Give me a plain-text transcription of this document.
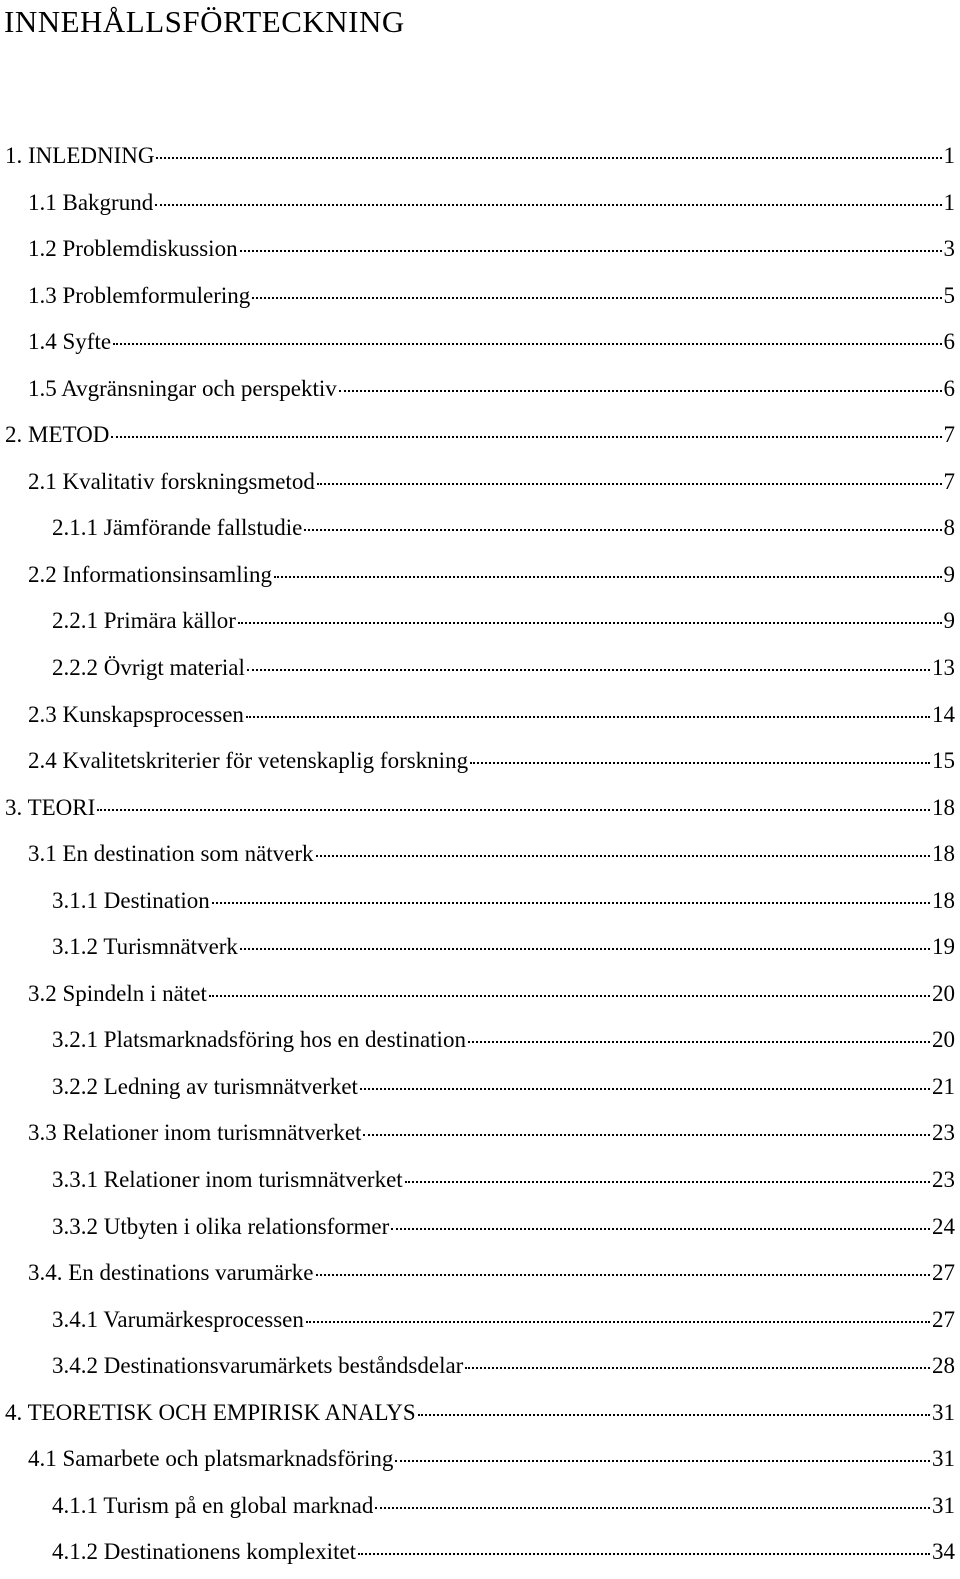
INNEHÅLLSFÖRTECKNING
1. INLEDNING	1
1.1 Bakgrund	1
1.2 Problemdiskussion	3
1.3 Problemformulering	5
1.4 Syfte	6
1.5 Avgränsningar och perspektiv	6
2. METOD	7
2.1 Kvalitativ forskningsmetod	7
2.1.1 Jämförande fallstudie	8
2.2 Informationsinsamling	9
2.2.1 Primära källor	9
2.2.2 Övrigt material	13
2.3 Kunskapsprocessen	14
2.4 Kvalitetskriterier för vetenskaplig forskning	15
3. TEORI	18
3.1 En destination som nätverk	18
3.1.1 Destination	18
3.1.2 Turismnätverk	19
3.2 Spindeln i nätet	20
3.2.1 Platsmarknadsföring hos en destination	20
3.2.2 Ledning av turismnätverket	21
3.3 Relationer inom turismnätverket	23
3.3.1 Relationer inom turismnätverket	23
3.3.2 Utbyten i olika relationsformer	24
3.4. En destinations varumärke	27
3.4.1 Varumärkesprocessen	27
3.4.2 Destinationsvarumärkets beståndsdelar	28
4. TEORETISK OCH EMPIRISK ANALYS	31
4.1 Samarbete och platsmarknadsföring	31
4.1.1 Turism på en global marknad	31
4.1.2 Destinationens komplexitet	34
